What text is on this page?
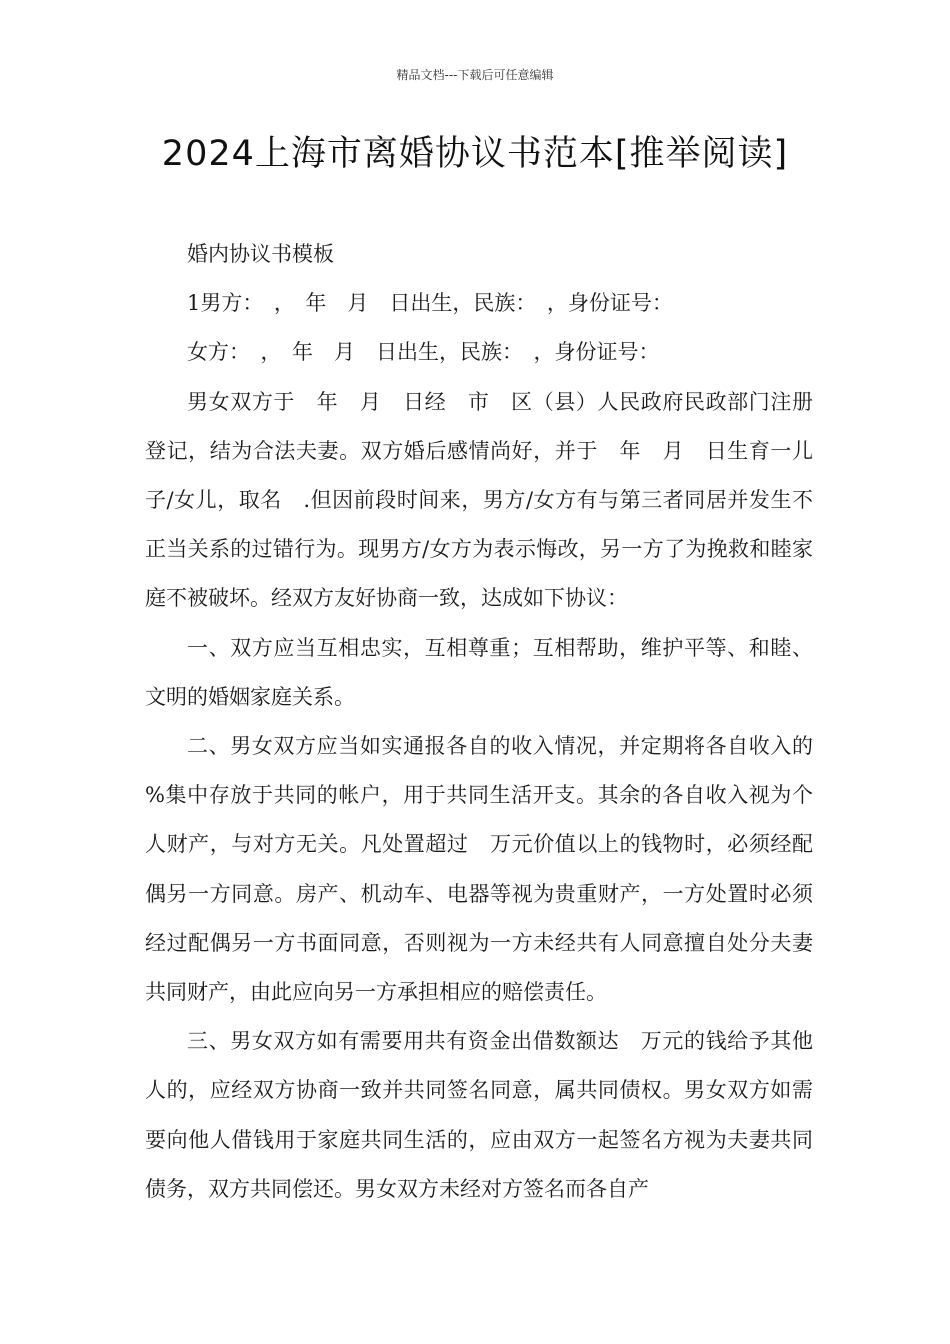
精品文档---下载后可任意编辑
2024上海市离婚协议书范本[推举阅读]

婚内协议书模板

1男方：　，　年　月　日出生，民族：　，身份证号：

女方：　，　年　月　日出生，民族：　，身份证号：

男女双方于　年　月　日经　市　区（县）人民政府民政部门注册登记，结为合法夫妻。双方婚后感情尚好，并于　年　月　日生育一儿子/女儿，取名　.但因前段时间来，男方/女方有与第三者同居并发生不正当关系的过错行为。现男方/女方为表示悔改，另一方了为挽救和睦家庭不被破坏。经双方友好协商一致，达成如下协议：

一、双方应当互相忠实，互相尊重；互相帮助，维护平等、和睦、文明的婚姻家庭关系。

二、男女双方应当如实通报各自的收入情况，并定期将各自收入的　%集中存放于共同的帐户，用于共同生活开支。其余的各自收入视为个人财产，与对方无关。凡处置超过　万元价值以上的钱物时，必须经配偶另一方同意。房产、机动车、电器等视为贵重财产，一方处置时必须经过配偶另一方书面同意，否则视为一方未经共有人同意擅自处分夫妻共同财产，由此应向另一方承担相应的赔偿责任。

三、男女双方如有需要用共有资金出借数额达　万元的钱给予其他人的，应经双方协商一致并共同签名同意，属共同债权。男女双方如需要向他人借钱用于家庭共同生活的，应由双方一起签名方视为夫妻共同债务，双方共同偿还。男女双方未经对方签名而各自产
